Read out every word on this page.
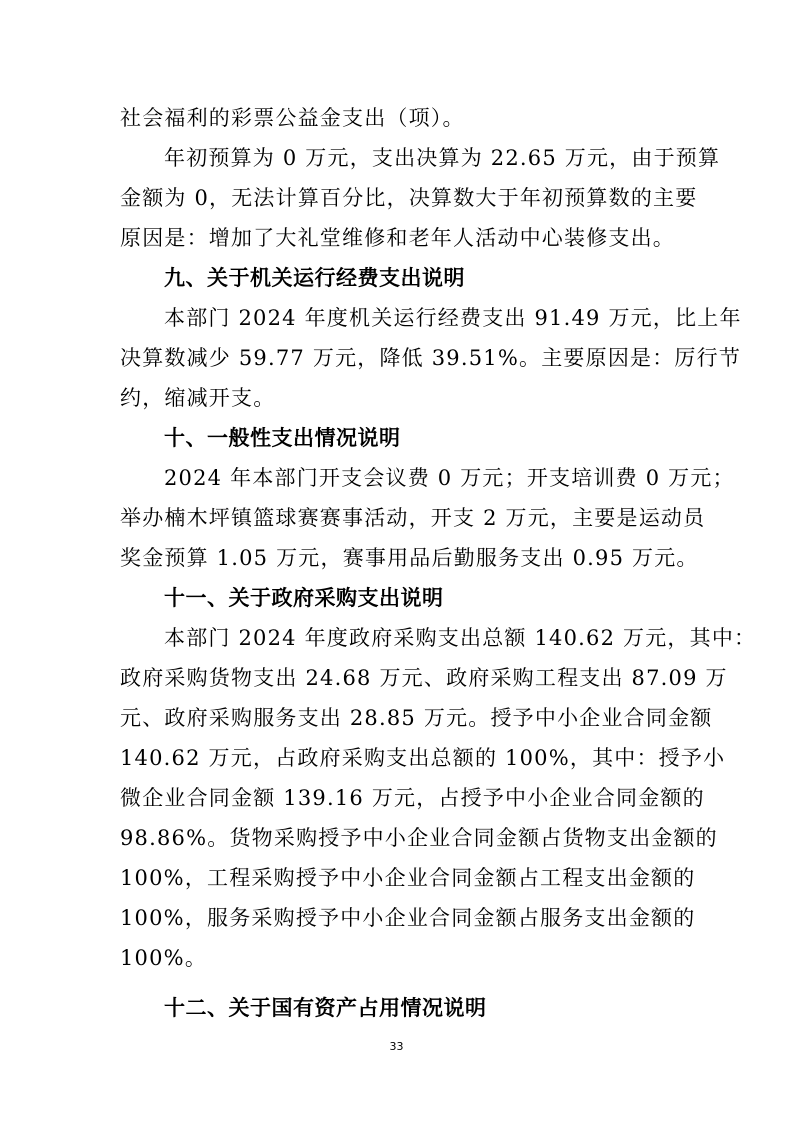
社会福利的彩票公益金支出（项）。
年初预算为 0 万元，支出决算为 22.65 万元，由于预算
金额为 0，无法计算百分比，决算数大于年初预算数的主要
原因是：增加了大礼堂维修和老年人活动中心装修支出。
九、关于机关运行经费支出说明
本部门 2024 年度机关运行经费支出 91.49 万元，比上年
决算数减少 59.77 万元，降低 39.51%。主要原因是：厉行节
约，缩减开支。
十、一般性支出情况说明
2024 年本部门开支会议费 0 万元；开支培训费 0 万元；
举办楠木坪镇篮球赛赛事活动，开支 2 万元，主要是运动员
奖金预算 1.05 万元，赛事用品后勤服务支出 0.95 万元。
十一、关于政府采购支出说明
本部门 2024 年度政府采购支出总额 140.62 万元，其中：
政府采购货物支出 24.68 万元、政府采购工程支出 87.09 万
元、政府采购服务支出 28.85 万元。授予中小企业合同金额
140.62 万元，占政府采购支出总额的 100%，其中：授予小
微企业合同金额 139.16 万元，占授予中小企业合同金额的
98.86%。货物采购授予中小企业合同金额占货物支出金额的
100%，工程采购授予中小企业合同金额占工程支出金额的
100%，服务采购授予中小企业合同金额占服务支出金额的
100%。
十二、关于国有资产占用情况说明
33
